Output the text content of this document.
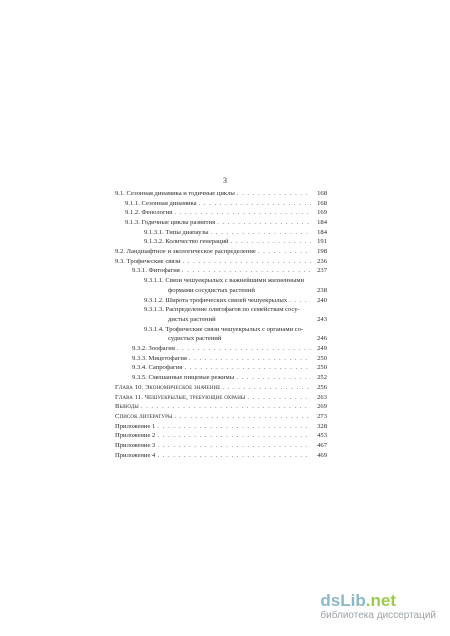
3
9.1. Сезонная динамика и годичные циклы . . .	168
9.1.1. Сезонная динамика . . .	168
9.1.2. Фенология . . .	169
9.1.3. Годичные циклы развития . . .	184
9.1.3.1. Типы диапаузы . . .	184
9.1.3.2. Количество генераций . . .	191
9.2. Ландшафтное и экологическое распределение . . .	198
9.3. Трофические связи . . .	236
9.3.1. Фитофагия . . .	237
9.3.1.1. Связи чешуекрылых с важнейшими жизненными
формами сосудистых растений	238
9.3.1.2. Широта трофических связей чешуекрылых . . .	240
9.3.1.3. Распределение олигофагов по семействам сосу-
дистых растений	243
9.3.1.4. Трофические связи чешуекрылых с органами со-
судистых растений	246
9.3.2. Зоофагия . . .	249
9.3.3. Мицетофагия . . .	250
9.3.4. Сапрофагия . . .	250
9.3.5. Смешанные пищевые режимы . . .	252
Глава 10. Экономическое значение . . .	256
Глава 11. Чешуекрылые, требующие охраны . . .	263
Выводы . . .	269
Список литературы . . .	273
Приложение 1 . . .	328
Приложение 2 . . .	453
Приложение 3 . . .	467
Приложение 4 . . .	469
dsLib.net
библиотека диссертаций
